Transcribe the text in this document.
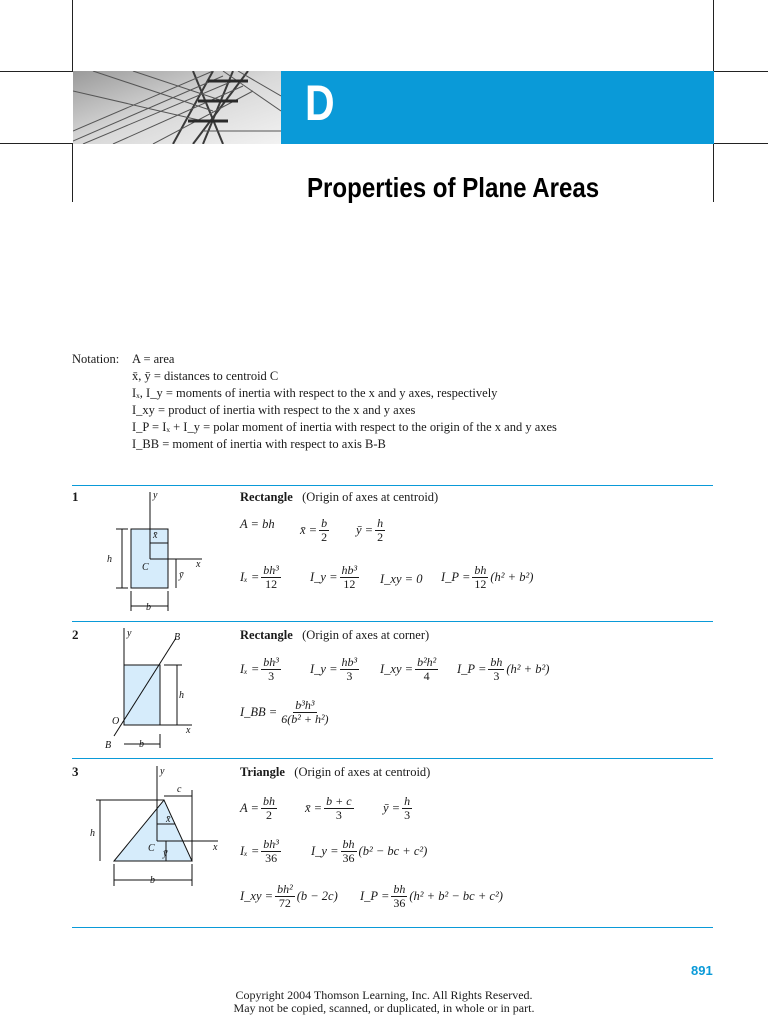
D
Properties of Plane Areas
Notation: A = area
x̄, ȳ = distances to centroid C
Iₓ, I_y = moments of inertia with respect to the x and y axes, respectively
I_xy = product of inertia with respect to the x and y axes
I_P = Iₓ + I_y = polar moment of inertia with respect to the origin of the x and y axes
I_BB = moment of inertia with respect to axis B-B
1	Rectangle (Origin of axes at centroid)
y
x
h
C
x̄
ȳ
b
A = bh x̄ = $\frac{b}{2}$ ȳ = $\frac{h}{2}$
$I_x = \frac{\text{bh³}}{12}$ I_y = $\frac{\text{hb³}}{12}$ I_xy = 0 I_P = $\frac{bh}{12} (h^2 + b^2)$
2	Rectangle (Origin of axes at corner)
y
x
B
B
O
h
b
$I_x = \frac{\text{bh³}}{3}$ I_y = $\frac{\text{hb³}}{3}$ I_xy = $\frac{\text{b²h²}}{4}$ I_P = $\frac{bh}{3} (h^2 + b^2)$
I_BB = $\frac{\text{b³h³}}{\text{6(b² + h²)}}$
3	Triangle (Origin of axes at centroid)
y
x
c
x̄
h
C ȳ
b
$A = \frac{bh}{2}$ x̄ = $\frac{b + c}{3}$ ȳ = $\frac{h}{3}$
$I_x = \frac{\text{bh³}}{36}$ I_y = $\frac{bh}{36} (b^2$ − bc + c²)
I_xy = $\frac{\text{bh²}}{72} (b - 2c)$ I_P = $\frac{bh}{36} (h^2 + b^2$ − bc + c²)
891
Copyright 2004 Thomson Learning, Inc. All Rights Reserved.
May not be copied, scanned, or duplicated, in whole or in part.
